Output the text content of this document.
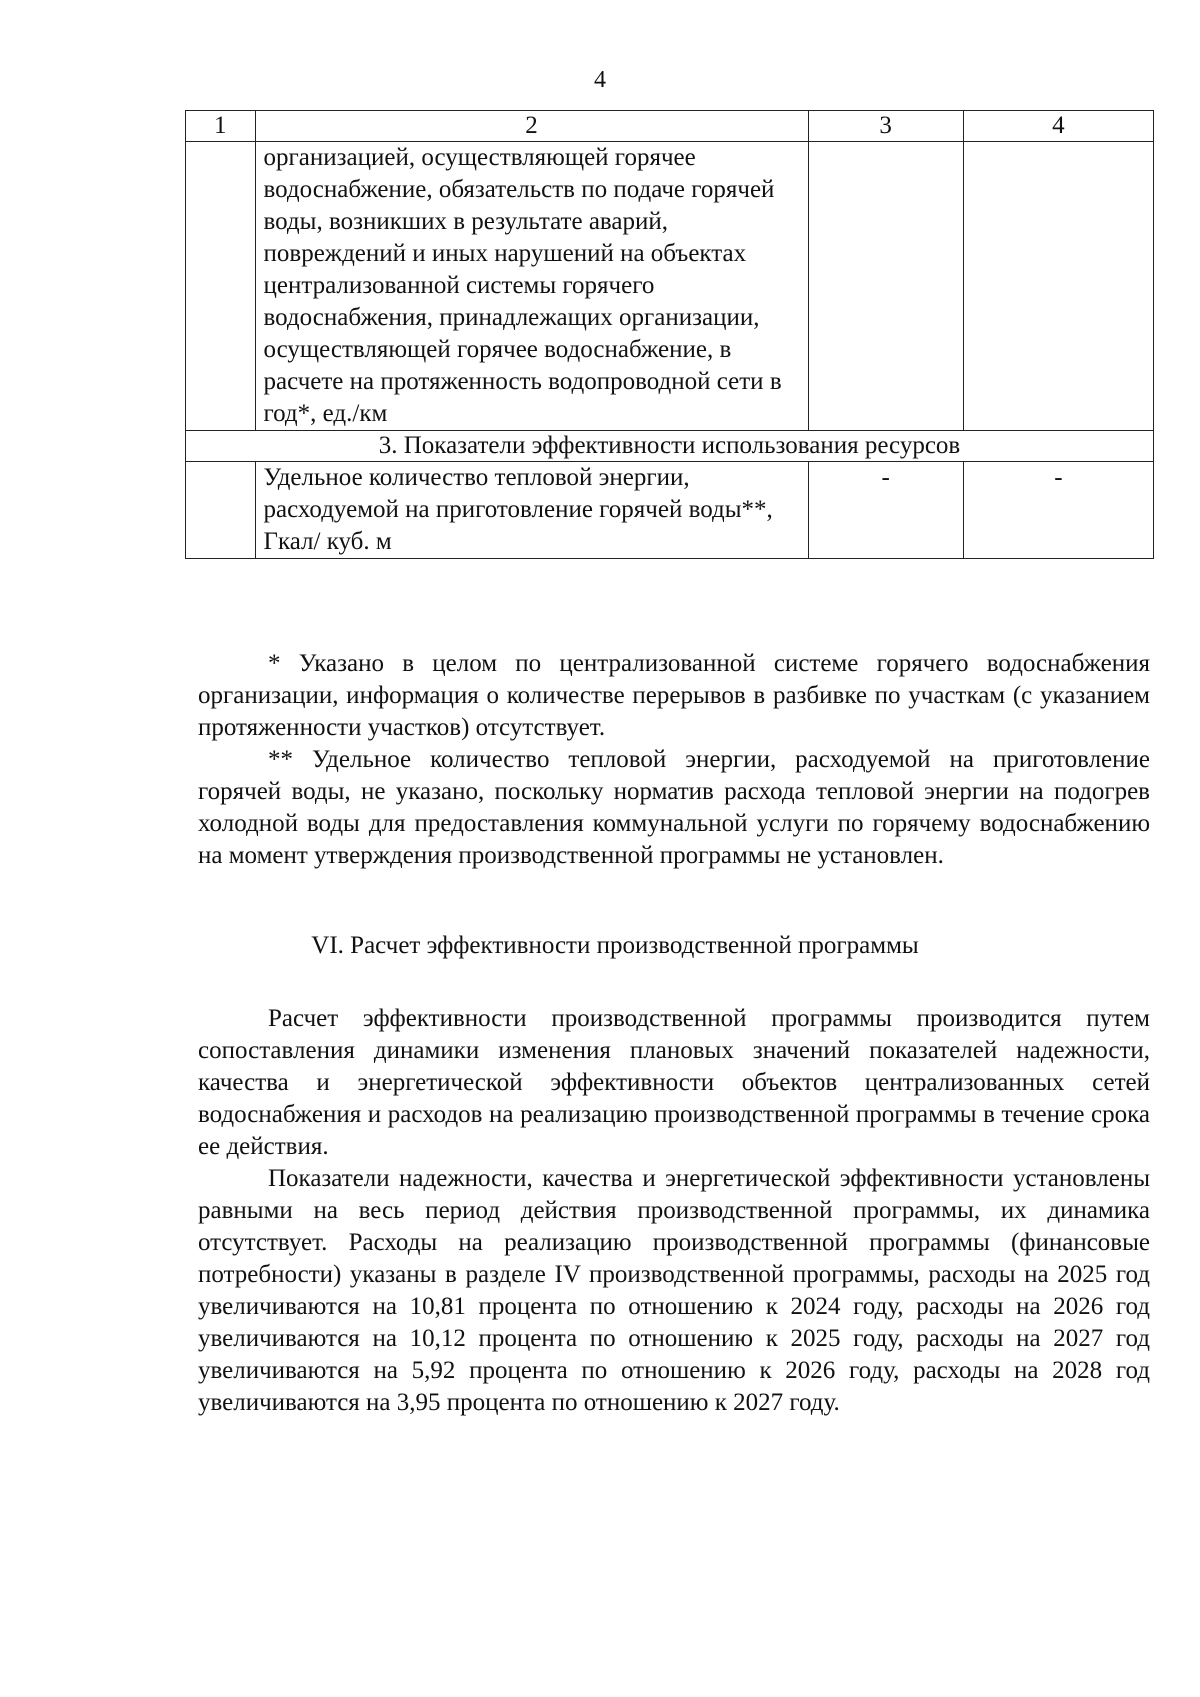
4
1	2	3	4
	организацией, осуществляющей горячее водоснабжение, обязательств по подаче горячей воды, возникших в результате аварий, повреждений и иных нарушений на объектах централизованной системы горячего водоснабжения, принадлежащих организации, осуществляющей горячее водоснабжение, в расчете на протяженность водопроводной сети в год*, ед./км		
3. Показатели эффективности использования ресурсов			
	Удельное количество тепловой энергии, расходуемой на приготовление горячей воды**, Гкал/ куб. м	-	-

* Указано в целом по централизованной системе горячего водоснабжения организации, информация о количестве перерывов в разбивке по участкам (с указанием протяженности участков) отсутствует.

** Удельное количество тепловой энергии, расходуемой на приготовление горячей воды, не указано, поскольку норматив расхода тепловой энергии на подогрев холодной воды для предоставления коммунальной услуги по горячему водоснабжению на момент утверждения производственной программы не установлен.

VI. Расчет эффективности производственной программы

Расчет эффективности производственной программы производится путем сопоставления динамики изменения плановых значений показателей надежности, качества и энергетической эффективности объектов централизованных сетей водоснабжения и расходов на реализацию производственной программы в течение срока ее действия.

Показатели надежности, качества и энергетической эффективности установлены равными на весь период действия производственной программы, их динамика отсутствует. Расходы на реализацию производственной программы (финансовые потребности) указаны в разделе IV производственной программы, расходы на 2025 год увеличиваются на 10,81 процента по отношению к 2024 году, расходы на 2026 год увеличиваются на 10,12 процента по отношению к 2025 году, расходы на 2027 год увеличиваются на 5,92 процента по отношению к 2026 году, расходы на 2028 год увеличиваются на 3,95 процента по отношению к 2027 году.
